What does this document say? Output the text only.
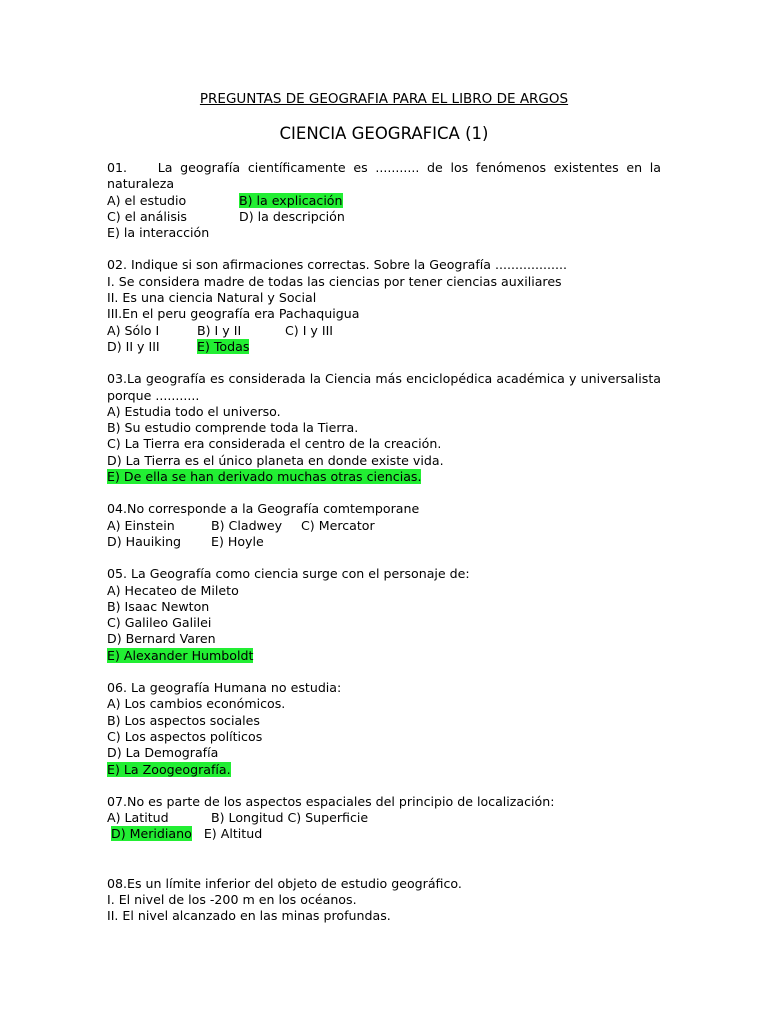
PREGUNTAS DE GEOGRAFIA PARA EL LIBRO DE ARGOS
CIENCIA GEOGRAFICA (1)
01.    La geografía científicamente es ........... de los fenómenos existentes en la naturaleza
A) el estudio	B) la explicación
C) el análisis	D) la descripción
E) la interacción
02. Indique si son afirmaciones correctas. Sobre la Geografía ..................
I. Se considera madre de todas las ciencias por tener ciencias auxiliares
II. Es una ciencia Natural y Social
III.En el peru geografía era Pachaquigua
A) Sólo I	B) I y II	C) I y III
D) II y III	E) Todas
03.La geografía es considerada la Ciencia más enciclopédica académica y universalista porque ...........
A) Estudia todo el universo.
B) Su estudio comprende toda la Tierra.
C) La Tierra era considerada el centro de la creación.
D) La Tierra es el único planeta en donde existe vida.
E) De ella se han derivado muchas otras ciencias.
04.No corresponde a la Geografía comtemporane
A) Einstein	B) Cladwey C) Mercator
D) Hauiking E) Hoyle
05. La Geografía como ciencia surge con el personaje de:
A) Hecateo de Mileto
B) Isaac Newton
C) Galileo Galilei
D) Bernard Varen
E) Alexander Humboldt
06. La geografía Humana no estudia:
A) Los cambios económicos.
B) Los aspectos sociales
C) Los aspectos políticos
D) La Demografía
E) La Zoogeografía.
07.No es parte de los aspectos espaciales del principio de localización:
A) Latitud	B) Longitud C) Superficie
D) Meridiano E) Altitud
08.Es un límite inferior del objeto de estudio geográfico.
I. El nivel de los -200 m en los océanos.
II. El nivel alcanzado en las minas profundas.
